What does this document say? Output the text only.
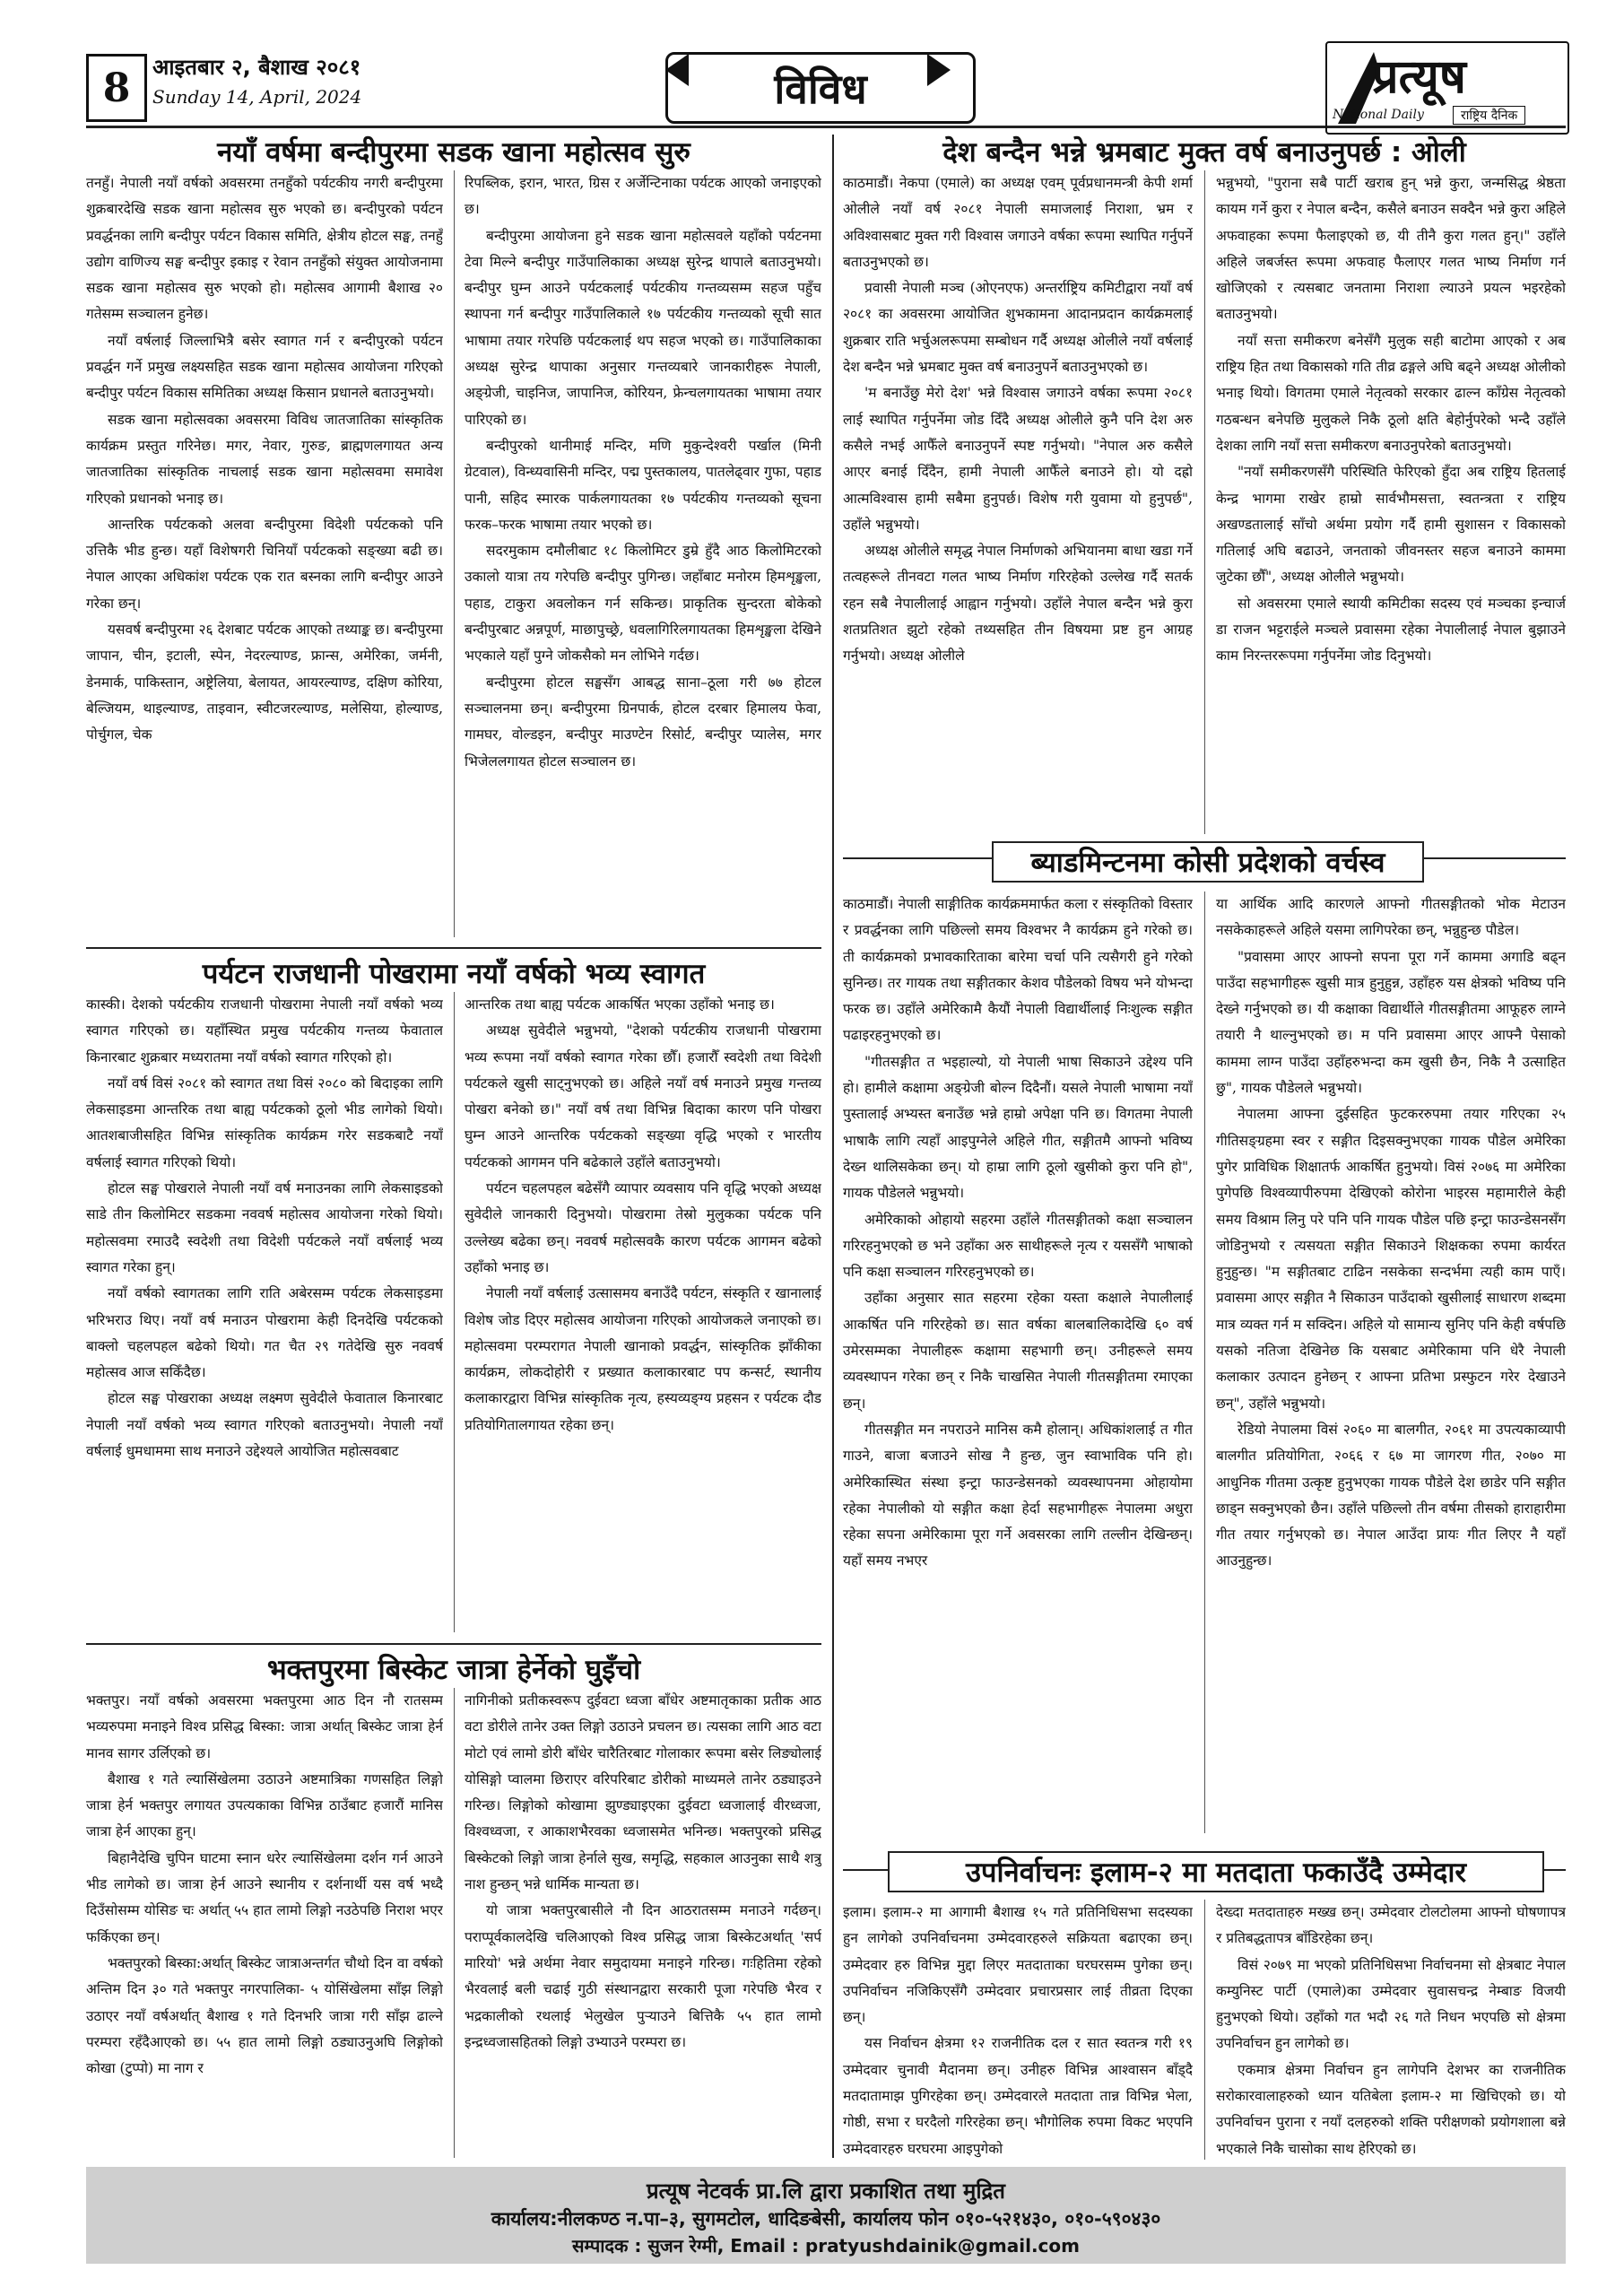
8	आइतबार २, बैशाख २०८१
Sunday 14, April, 2024	विविध	प्रत्यूष
National Daily	राष्ट्रिय दैनिक
नयाँ वर्षमा बन्दीपुरमा सडक खाना महोत्सव सुरु

तनहुँ। नेपाली नयाँ वर्षको अवसरमा तनहुँको पर्यटकीय नगरी बन्दीपुरमा शुक्रबारदेखि सडक खाना महोत्सव सुरु भएको छ। बन्दीपुरको पर्यटन प्रवर्द्धनका लागि बन्दीपुर पर्यटन विकास समिति, क्षेत्रीय होटल सङ्घ, तनहुँ उद्योग वाणिज्य सङ्घ बन्दीपुर इकाइ र रेवान तनहुँको संयुक्त आयोजनामा सडक खाना महोत्सव सुरु भएको हो। महोत्सव आगामी बैशाख २० गतेसम्म सञ्चालन हुनेछ।

नयाँ वर्षलाई जिल्लाभित्रै बसेर स्वागत गर्न र बन्दीपुरको पर्यटन प्रवर्द्धन गर्ने प्रमुख लक्ष्यसहित सडक खाना महोत्सव आयोजना गरिएको बन्दीपुर पर्यटन विकास समितिका अध्यक्ष किसान प्रधानले बताउनुभयो।

सडक खाना महोत्सवका अवसरमा विविध जातजातिका सांस्कृतिक कार्यक्रम प्रस्तुत गरिनेछ। मगर, नेवार, गुरुङ, ब्राह्मणलगायत अन्य जातजातिका सांस्कृतिक नाचलाई सडक खाना महोत्सवमा समावेश गरिएको प्रधानको भनाइ छ।

आन्तरिक पर्यटकको अलवा बन्दीपुरमा विदेशी पर्यटकको पनि उत्तिकै भीड हुन्छ। यहाँ विशेषगरी चिनियाँ पर्यटकको सङ्ख्या बढी छ। नेपाल आएका अधिकांश पर्यटक एक रात बस्नका लागि बन्दीपुर आउने गरेका छन्।

यसवर्ष बन्दीपुरमा २६ देशबाट पर्यटक आएको तथ्याङ्क छ। बन्दीपुरमा जापान, चीन, इटाली, स्पेन, नेदरल्याण्ड, फ्रान्स, अमेरिका, जर्मनी, डेनमार्क, पाकिस्तान, अष्ट्रेलिया, बेलायत, आयरल्याण्ड, दक्षिण कोरिया, बेल्जियम, थाइल्याण्ड, ताइवान, स्वीटजरल्याण्ड, मलेसिया, होल्याण्ड, पोर्चुगल, चेक

रिपब्लिक, इरान, भारत, ग्रिस र अर्जेन्टिनाका पर्यटक आएको जनाइएको छ।

बन्दीपुरमा आयोजना हुने सडक खाना महोत्सवले यहाँको पर्यटनमा टेवा मिल्ने बन्दीपुर गाउँपालिकाका अध्यक्ष सुरेन्द्र थापाले बताउनुभयो। बन्दीपुर घुम्न आउने पर्यटकलाई पर्यटकीय गन्तव्यसम्म सहज पहुँच स्थापना गर्न बन्दीपुर गाउँपालिकाले १७ पर्यटकीय गन्तव्यको सूची सात भाषामा तयार गरेपछि पर्यटकलाई थप सहज भएको छ। गाउँपालिकाका अध्यक्ष सुरेन्द्र थापाका अनुसार गन्तव्यबारे जानकारीहरू नेपाली, अङ्ग्रेजी, चाइनिज, जापानिज, कोरियन, फ्रेन्चलगायतका भाषामा तयार पारिएको छ।

बन्दीपुरको थानीमाई मन्दिर, मणि मुकुन्देश्वरी पर्खाल (मिनी ग्रेटवाल), विन्ध्यवासिनी मन्दिर, पद्म पुस्तकालय, पातलेढ्वार गुफा, पहाड पानी, सहिद स्मारक पार्कलगायतका १७ पर्यटकीय गन्तव्यको सूचना फरक–फरक भाषामा तयार भएको छ।

सदरमुकाम दमौलीबाट १८ किलोमिटर डुम्रे हुँदै आठ किलोमिटरको उकालो यात्रा तय गरेपछि बन्दीपुर पुगिन्छ। जहाँबाट मनोरम हिमशृङ्खला, पहाड, टाकुरा अवलोकन गर्न सकिन्छ। प्राकृतिक सुन्दरता बोकेको बन्दीपुरबाट अन्नपूर्ण, माछापुच्छ्रे, धवलागिरिलगायतका हिमशृङ्खला देखिने भएकाले यहाँ पुग्ने जोकसैको मन लोभिने गर्दछ।

बन्दीपुरमा होटल सङ्घसँग आबद्ध साना–ठूला गरी ७७ होटल सञ्चालनमा छन्। बन्दीपुरमा ग्रिनपार्क, होटल दरबार हिमालय फेवा, गामघर, वोल्डइन, बन्दीपुर माउण्टेन रिसोर्ट, बन्दीपुर प्यालेस, मगर भिजेललगायत होटल सञ्चालन छ।

पर्यटन राजधानी पोखरामा नयाँ वर्षको भव्य स्वागत

कास्की। देशको पर्यटकीय राजधानी पोखरामा नेपाली नयाँ वर्षको भव्य स्वागत गरिएको छ। यहाँस्थित प्रमुख पर्यटकीय गन्तव्य फेवाताल किनारबाट शुक्रबार मध्यरातमा नयाँ वर्षको स्वागत गरिएको हो।

नयाँ वर्ष विसं २०८१ को स्वागत तथा विसं २०८० को बिदाइका लागि लेकसाइडमा आन्तरिक तथा बाह्य पर्यटकको ठूलो भीड लागेको थियो। आतशबाजीसहित विभिन्न सांस्कृतिक कार्यक्रम गरेर सडकबाटै नयाँ वर्षलाई स्वागत गरिएको थियो।

होटल सङ्घ पोखराले नेपाली नयाँ वर्ष मनाउनका लागि लेकसाइडको साडे तीन किलोमिटर सडकमा नववर्ष महोत्सव आयोजना गरेको थियो। महोत्सवमा रमाउदै स्वदेशी तथा विदेशी पर्यटकले नयाँ वर्षलाई भव्य स्वागत गरेका हुन्।

नयाँ वर्षको स्वागतका लागि राति अबेरसम्म पर्यटक लेकसाइडमा भरिभराउ थिए। नयाँ वर्ष मनाउन पोखरामा केही दिनदेखि पर्यटकको बाक्लो चहलपहल बढेको थियो। गत चैत २९ गतेदेखि सुरु नववर्ष महोत्सव आज सकिँदैछ।

होटल सङ्घ पोखराका अध्यक्ष लक्ष्मण सुवेदीले फेवाताल किनारबाट नेपाली नयाँ वर्षको भव्य स्वागत गरिएको बताउनुभयो। नेपाली नयाँ वर्षलाई धुमधाममा साथ मनाउने उद्देश्यले आयोजित महोत्सवबाट

आन्तरिक तथा बाह्य पर्यटक आकर्षित भएका उहाँको भनाइ छ।

अध्यक्ष सुवेदीले भन्नुभयो, "देशको पर्यटकीय राजधानी पोखरामा भव्य रूपमा नयाँ वर्षको स्वागत गरेका छौँ। हजारौँ स्वदेशी तथा विदेशी पर्यटकले खुसी साट्नुभएको छ। अहिले नयाँ वर्ष मनाउने प्रमुख गन्तव्य पोखरा बनेको छ।" नयाँ वर्ष तथा विभिन्न बिदाका कारण पनि पोखरा घुम्न आउने आन्तरिक पर्यटकको सङ्ख्या वृद्धि भएको र भारतीय पर्यटकको आगमन पनि बढेकाले उहाँले बताउनुभयो।

पर्यटन चहलपहल बढेसँगै व्यापार व्यवसाय पनि वृद्धि भएको अध्यक्ष सुवेदीले जानकारी दिनुभयो। पोखरामा तेस्रो मुलुकका पर्यटक पनि उल्लेख्य बढेका छन्। नववर्ष महोत्सवकै कारण पर्यटक आगमन बढेको उहाँको भनाइ छ।

नेपाली नयाँ वर्षलाई उत्सासमय बनाउँदै पर्यटन, संस्कृति र खानालाई विशेष जोड दिएर महोत्सव आयोजना गरिएको आयोजकले जनाएको छ। महोत्सवमा परम्परागत नेपाली खानाको प्रवर्द्धन, सांस्कृतिक झाँकीका कार्यक्रम, लोकदोहोरी र प्रख्यात कलाकारबाट पप कन्सर्ट, स्थानीय कलाकारद्वारा विभिन्न सांस्कृतिक नृत्य, हस्यव्यङ्ग्य प्रहसन र पर्यटक दौड प्रतियोगितालगायत रहेका छन्।

भक्तपुरमा बिस्केट जात्रा हेर्नेको घुइँचो

भक्तपुर। नयाँ वर्षको अवसरमा भक्तपुरमा आठ दिन नौ रातसम्म भव्यरुपमा मनाइने विश्व प्रसिद्ध बिस्का: जात्रा अर्थात् बिस्केट जात्रा हेर्न मानव सागर उर्लिएको छ।

बैशाख १ गते ल्यासिंखेलमा उठाउने अष्टमात्रिका गणसहित लिङ्गो जात्रा हेर्न भक्तपुर लगायत उपत्यकाका विभिन्न ठाउँबाट हजारौं मानिस जात्रा हेर्न आएका हुन्।

बिहानैदेखि चुपिन घाटमा स्नान धरेर ल्यासिंखेलमा दर्शन गर्न आउने भीड लागेको छ। जात्रा हेर्न आउने स्थानीय र दर्शनार्थी यस वर्ष भध्दै दिउँसोसम्म योसिङ चः अर्थात् ५५ हात लामो लिङ्गो नउठेपछि निराश भएर फर्किएका छन्।

भक्तपुरको बिस्का:अर्थात् बिस्केट जात्राअन्तर्गत चौथो दिन वा वर्षको अन्तिम दिन ३० गते भक्तपुर नगरपालिका- ५ योसिंखेलमा साँझ लिङ्गो उठाएर नयाँ वर्षअर्थात् बैशाख १ गते दिनभरि जात्रा गरी साँझ ढाल्ने परम्परा रहँदैआएको छ। ५५ हात लामो लिङ्गो ठड्याउनुअघि लिङ्गोको कोखा (टुप्पो) मा नाग र

नागिनीको प्रतीकस्वरूप दुईवटा ध्वजा बाँधेर अष्टमातृकाका प्रतीक आठ वटा डोरीले तानेर उक्त लिङ्गो उठाउने प्रचलन छ। त्यसका लागि आठ वटा मोटो एवं लामो डोरी बाँधेर चारैतिरबाट गोलाकार रूपमा बसेर लिङ्योलाई योसिङ्गो प्वालमा छिराएर वरिपरिबाट डोरीको माध्यमले तानेर ठड्याइउने गरिन्छ। लिङ्गोको कोखामा झुण्ड्याइएका दुईवटा ध्वजालाई वीरध्वजा, विश्वध्वजा, र आकाशभैरवका ध्वजासमेत भनिन्छ। भक्तपुरको प्रसिद्ध बिस्केटको लिङ्गो जात्रा हेर्नाले सुख, समृद्धि, सहकाल आउनुका साथै शत्रु नाश हुन्छन् भन्ने धार्मिक मान्यता छ।

यो जात्रा भक्तपुरबासीले नौ दिन आठरातसम्म मनाउने गर्दछन्। पराप्पूर्वकालदेखि चलिआएको विश्व प्रसिद्ध जात्रा बिस्केटअर्थात् 'सर्प मारियो' भन्ने अर्थमा नेवार समुदायमा मनाइने गरिन्छ। गःहितिमा रहेको भैरवलाई बली चढाई गुठी संस्थानद्वारा सरकारी पूजा गरेपछि भैरव र भद्रकालीको रथलाई भेलुखेल पुऱ्याउने बित्तिकै ५५ हात लामो इन्द्रध्वजासहितको लिङ्गो उभ्याउने परम्परा छ।

देश बन्दैन भन्ने भ्रमबाट मुक्त वर्ष बनाउनुपर्छ : ओली

काठमाडौं। नेकपा (एमाले) का अध्यक्ष एवम् पूर्वप्रधानमन्त्री केपी शर्मा ओलीले नयाँ वर्ष २०८१ नेपाली समाजलाई निराशा, भ्रम र अविश्वासबाट मुक्त गरी विश्वास जगाउने वर्षका रूपमा स्थापित गर्नुपर्ने बताउनुभएको छ।

प्रवासी नेपाली मञ्च (ओएनएफ) अन्तर्राष्ट्रिय कमिटीद्वारा नयाँ वर्ष २०८१ का अवसरमा आयोजित शुभकामना आदानप्रदान कार्यक्रमलाई शुक्रबार राति भर्चुअलरूपमा सम्बोधन गर्दै अध्यक्ष ओलीले नयाँ वर्षलाई देश बन्दैन भन्ने भ्रमबाट मुक्त वर्ष बनाउनुपर्ने बताउनुभएको छ।

'म बनाउँछु मेरो देश' भन्ने विश्वास जगाउने वर्षका रूपमा २०८१ लाई स्थापित गर्नुपर्नेमा जोड दिँदै अध्यक्ष ओलीले कुनै पनि देश अरु कसैले नभई आफैँले बनाउनुपर्ने स्पष्ट गर्नुभयो। "नेपाल अरु कसैले आएर बनाई दिँदैन, हामी नेपाली आफैँले बनाउने हो। यो दह्रो आत्मविश्वास हामी सबैमा हुनुपर्छ। विशेष गरी युवामा यो हुनुपर्छ", उहाँले भन्नुभयो।

अध्यक्ष ओलीले समृद्ध नेपाल निर्माणको अभियानमा बाधा खडा गर्ने तत्वहरूले तीनवटा गलत भाष्य निर्माण गरिरहेको उल्लेख गर्दै सतर्क रहन सबै नेपालीलाई आह्वान गर्नुभयो। उहाँले नेपाल बन्दैन भन्ने कुरा शतप्रतिशत झुटो रहेको तथ्यसहित तीन विषयमा प्रष्ट हुन आग्रह गर्नुभयो। अध्यक्ष ओलीले

भन्नुभयो, "पुराना सबै पार्टी खराब हुन् भन्ने कुरा, जन्मसिद्ध श्रेष्ठता कायम गर्ने कुरा र नेपाल बन्दैन, कसैले बनाउन सक्दैन भन्ने कुरा अहिले अफवाहका रूपमा फैलाइएको छ, यी तीनै कुरा गलत हुन्।" उहाँले अहिले जबर्जस्त रूपमा अफवाह फैलाएर गलत भाष्य निर्माण गर्न खोजिएको र त्यसबाट जनतामा निराशा ल्याउने प्रयत्न भइरहेको बताउनुभयो।

नयाँ सत्ता समीकरण बनेसँगै मुलुक सही बाटोमा आएको र अब राष्ट्रिय हित तथा विकासको गति तीव्र ढङ्गले अघि बढ्ने अध्यक्ष ओलीको भनाइ थियो। विगतमा एमाले नेतृत्वको सरकार ढाल्न काँग्रेस नेतृत्वको गठबन्धन बनेपछि मुलुकले निकै ठूलो क्षति बेहोर्नुपरेको भन्दै उहाँले देशका लागि नयाँ सत्ता समीकरण बनाउनुपरेको बताउनुभयो।

"नयाँ समीकरणसँगै परिस्थिति फेरिएको हुँदा अब राष्ट्रिय हितलाई केन्द्र भागमा राखेर हाम्रो सार्वभौमसत्ता, स्वतन्त्रता र राष्ट्रिय अखण्डतालाई साँचो अर्थमा प्रयोग गर्दै हामी सुशासन र विकासको गतिलाई अघि बढाउने, जनताको जीवनस्तर सहज बनाउने काममा जुटेका छौँ", अध्यक्ष ओलीले भन्नुभयो।

सो अवसरमा एमाले स्थायी कमिटीका सदस्य एवं मञ्चका इन्चार्ज डा राजन भट्टराईले मञ्चले प्रवासमा रहेका नेपालीलाई नेपाल बुझाउने काम निरन्तररूपमा गर्नुपर्नेमा जोड दिनुभयो।

ब्याडमिन्टनमा कोसी प्रदेशको वर्चस्व

काठमाडौं। नेपाली साङ्गीतिक कार्यक्रममार्फत कला र संस्कृतिको विस्तार र प्रवर्द्धनका लागि पछिल्लो समय विश्वभर नै कार्यक्रम हुने गरेको छ। ती कार्यक्रमको प्रभावकारिताका बारेमा चर्चा पनि त्यसैगरी हुने गरेको सुनिन्छ। तर गायक तथा सङ्गीतकार केशव पौडेलको विषय भने योभन्दा फरक छ। उहाँले अमेरिकामै कैयौं नेपाली विद्यार्थीलाई निःशुल्क सङ्गीत पढाइरहनुभएको छ।

"गीतसङ्गीत त भइहाल्यो, यो नेपाली भाषा सिकाउने उद्देश्य पनि हो। हामीले कक्षामा अङ्ग्रेजी बोल्न दिदैनौं। यसले नेपाली भाषामा नयाँ पुस्तालाई अभ्यस्त बनाउँछ भन्ने हाम्रो अपेक्षा पनि छ। विगतमा नेपाली भाषाकै लागि त्यहाँ आइपुग्नेले अहिले गीत, सङ्गीतमै आफ्नो भविष्य देख्न थालिसकेका छन्। यो हाम्रा लागि ठूलो खुसीको कुरा पनि हो", गायक पौडेलले भन्नुभयो।

अमेरिकाको ओहायो सहरमा उहाँले गीतसङ्गीतको कक्षा सञ्चालन गरिरहनुभएको छ भने उहाँका अरु साथीहरूले नृत्य र यससँगै भाषाको पनि कक्षा सञ्चालन गरिरहनुभएको छ।

उहाँका अनुसार सात सहरमा रहेका यस्ता कक्षाले नेपालीलाई आकर्षित पनि गरिरहेको छ। सात वर्षका बालबालिकादेखि ६० वर्ष उमेरसम्मका नेपालीहरू कक्षामा सहभागी छन्। उनीहरूले समय व्यवस्थापन गरेका छन् र निकै चाखसित नेपाली गीतसङ्गीतमा रमाएका छन्।

गीतसङ्गीत मन नपराउने मानिस कमै होलान्। अधिकांशलाई त गीत गाउने, बाजा बजाउने सोख नै हुन्छ, जुन स्वाभाविक पनि हो। अमेरिकास्थित संस्था इन्ट्रा फाउन्डेसनको व्यवस्थापनमा ओहायोमा रहेका नेपालीको यो सङ्गीत कक्षा हेर्दा सहभागीहरू नेपालमा अधुरा रहेका सपना अमेरिकामा पूरा गर्ने अवसरका लागि तल्लीन देखिन्छन्। यहाँ समय नभएर

या आर्थिक आदि कारणले आफ्नो गीतसङ्गीतको भोक मेटाउन नसकेकाहरूले अहिले यसमा लागिपरेका छन्, भन्नुहुन्छ पौडेल।

"प्रवासमा आएर आफ्नो सपना पूरा गर्ने काममा अगाडि बढ्न पाउँदा सहभागीहरू खुसी मात्र हुनुहुन्न, उहाँहरु यस क्षेत्रको भविष्य पनि देख्ने गर्नुभएको छ। यी कक्षाका विद्यार्थीले गीतसङ्गीतमा आफूहरु लाग्ने तयारी नै थाल्नुभएको छ। म पनि प्रवासमा आएर आफ्नै पेसाको काममा लाग्न पाउँदा उहाँहरुभन्दा कम खुसी छैन, निकै नै उत्साहित छु", गायक पौडेलले भन्नुभयो।

नेपालमा आफ्ना दुईसहित फुटकररुपमा तयार गरिएका २५ गीतिसङ्ग्रहमा स्वर र सङ्गीत दिइसक्नुभएका गायक पौडेल अमेरिका पुगेर प्राविधिक शिक्षातर्फ आकर्षित हुनुभयो। विसं २०७६ मा अमेरिका पुगेपछि विश्वव्यापीरुपमा देखिएको कोरोना भाइरस महामारीले केही समय विश्राम लिनु परे पनि पनि गायक पौडेल पछि इन्ट्रा फाउन्डेसनसँग जोडिनुभयो र त्यसयता सङ्गीत सिकाउने शिक्षकका रुपमा कार्यरत हुनुहुन्छ। "म सङ्गीतबाट टाढिन नसकेका सन्दर्भमा त्यही काम पाएँ। प्रवासमा आएर सङ्गीत नै सिकाउन पाउँदाको खुसीलाई साधारण शब्दमा मात्र व्यक्त गर्न म सक्दिन। अहिले यो सामान्य सुनिए पनि केही वर्षपछि यसको नतिजा देखिनेछ कि यसबाट अमेरिकामा पनि धेरै नेपाली कलाकार उत्पादन हुनेछन् र आफ्ना प्रतिभा प्रस्फुटन गरेर देखाउने छन्", उहाँले भन्नुभयो।

रेडियो नेपालमा विसं २०६० मा बालगीत, २०६१ मा उपत्यकाव्यापी बालगीत प्रतियोगिता, २०६६ र ६७ मा जागरण गीत, २०७० मा आधुनिक गीतमा उत्कृष्ट हुनुभएका गायक पौडेले देश छाडेर पनि सङ्गीत छाड्न सक्नुभएको छैन। उहाँले पछिल्लो तीन वर्षमा तीसको हाराहारीमा गीत तयार गर्नुभएको छ। नेपाल आउँदा प्रायः गीत लिएर नै यहाँ आउनुहुन्छ।

उपनिर्वाचनः इलाम-२ मा मतदाता फकाउँदै उम्मेदार

इलाम। इलाम-२ मा आगामी बैशाख १५ गते प्रतिनिधिसभा सदस्यका हुन लागेको उपनिर्वाचनमा उम्मेदवारहरुले सक्रियता बढाएका छन्। उम्मेदवार हरु विभिन्न मुद्दा लिएर मतदाताका घरघरसम्म पुगेका छन्। उपनिर्वाचन नजिकिएसँगै उम्मेदवार प्रचारप्रसार लाई तीव्रता दिएका छन्।

यस निर्वाचन क्षेत्रमा १२ राजनीतिक दल र सात स्वतन्त्र गरी १९ उम्मेदवार चुनावी मैदानमा छन्। उनीहरु विभिन्न आश्वासन बाँड्दै मतदातामाझ पुगिरहेका छन्। उम्मेदवारले मतदाता तान्न विभिन्न भेला, गोष्ठी, सभा र घरदैलो गरिरहेका छन्। भौगोलिक रुपमा विकट भएपनि उम्मेदवारहरु घरघरमा आइपुगेको

देख्दा मतदाताहरु मख्ख छन्। उम्मेदवार टोलटोलमा आफ्नो घोषणापत्र र प्रतिबद्धतापत्र बाँडिरहेका छन्।

विसं २०७९ मा भएको प्रतिनिधिसभा निर्वाचनमा सो क्षेत्रबाट नेपाल कम्युनिस्ट पार्टी (एमाले)का उम्मेदवार सुवासचन्द्र नेम्बाङ विजयी हुनुभएको थियो। उहाँको गत भदौ २६ गते निधन भएपछि सो क्षेत्रमा उपनिर्वाचन हुन लागेको छ।

एकमात्र क्षेत्रमा निर्वाचन हुन लागेपनि देशभर का राजनीतिक सरोकारवालाहरुको ध्यान यतिबेला इलाम-२ मा खिचिएको छ। यो उपनिर्वाचन पुराना र नयाँ दलहरुको शक्ति परीक्षणको प्रयोगशाला बन्ने भएकाले निकै चासोका साथ हेरिएको छ।

प्रत्यूष नेटवर्क प्रा.लि द्वारा प्रकाशित तथा मुद्रित
कार्यालय:नीलकण्ठ न.पा–३, सुगमटोल, धादिङबेसी, कार्यालय फोन ०१०-५२१४३०, ०१०-५९०४३०
सम्पादक : सुजन रेग्मी, Email : pratyushdainik@gmail.com
